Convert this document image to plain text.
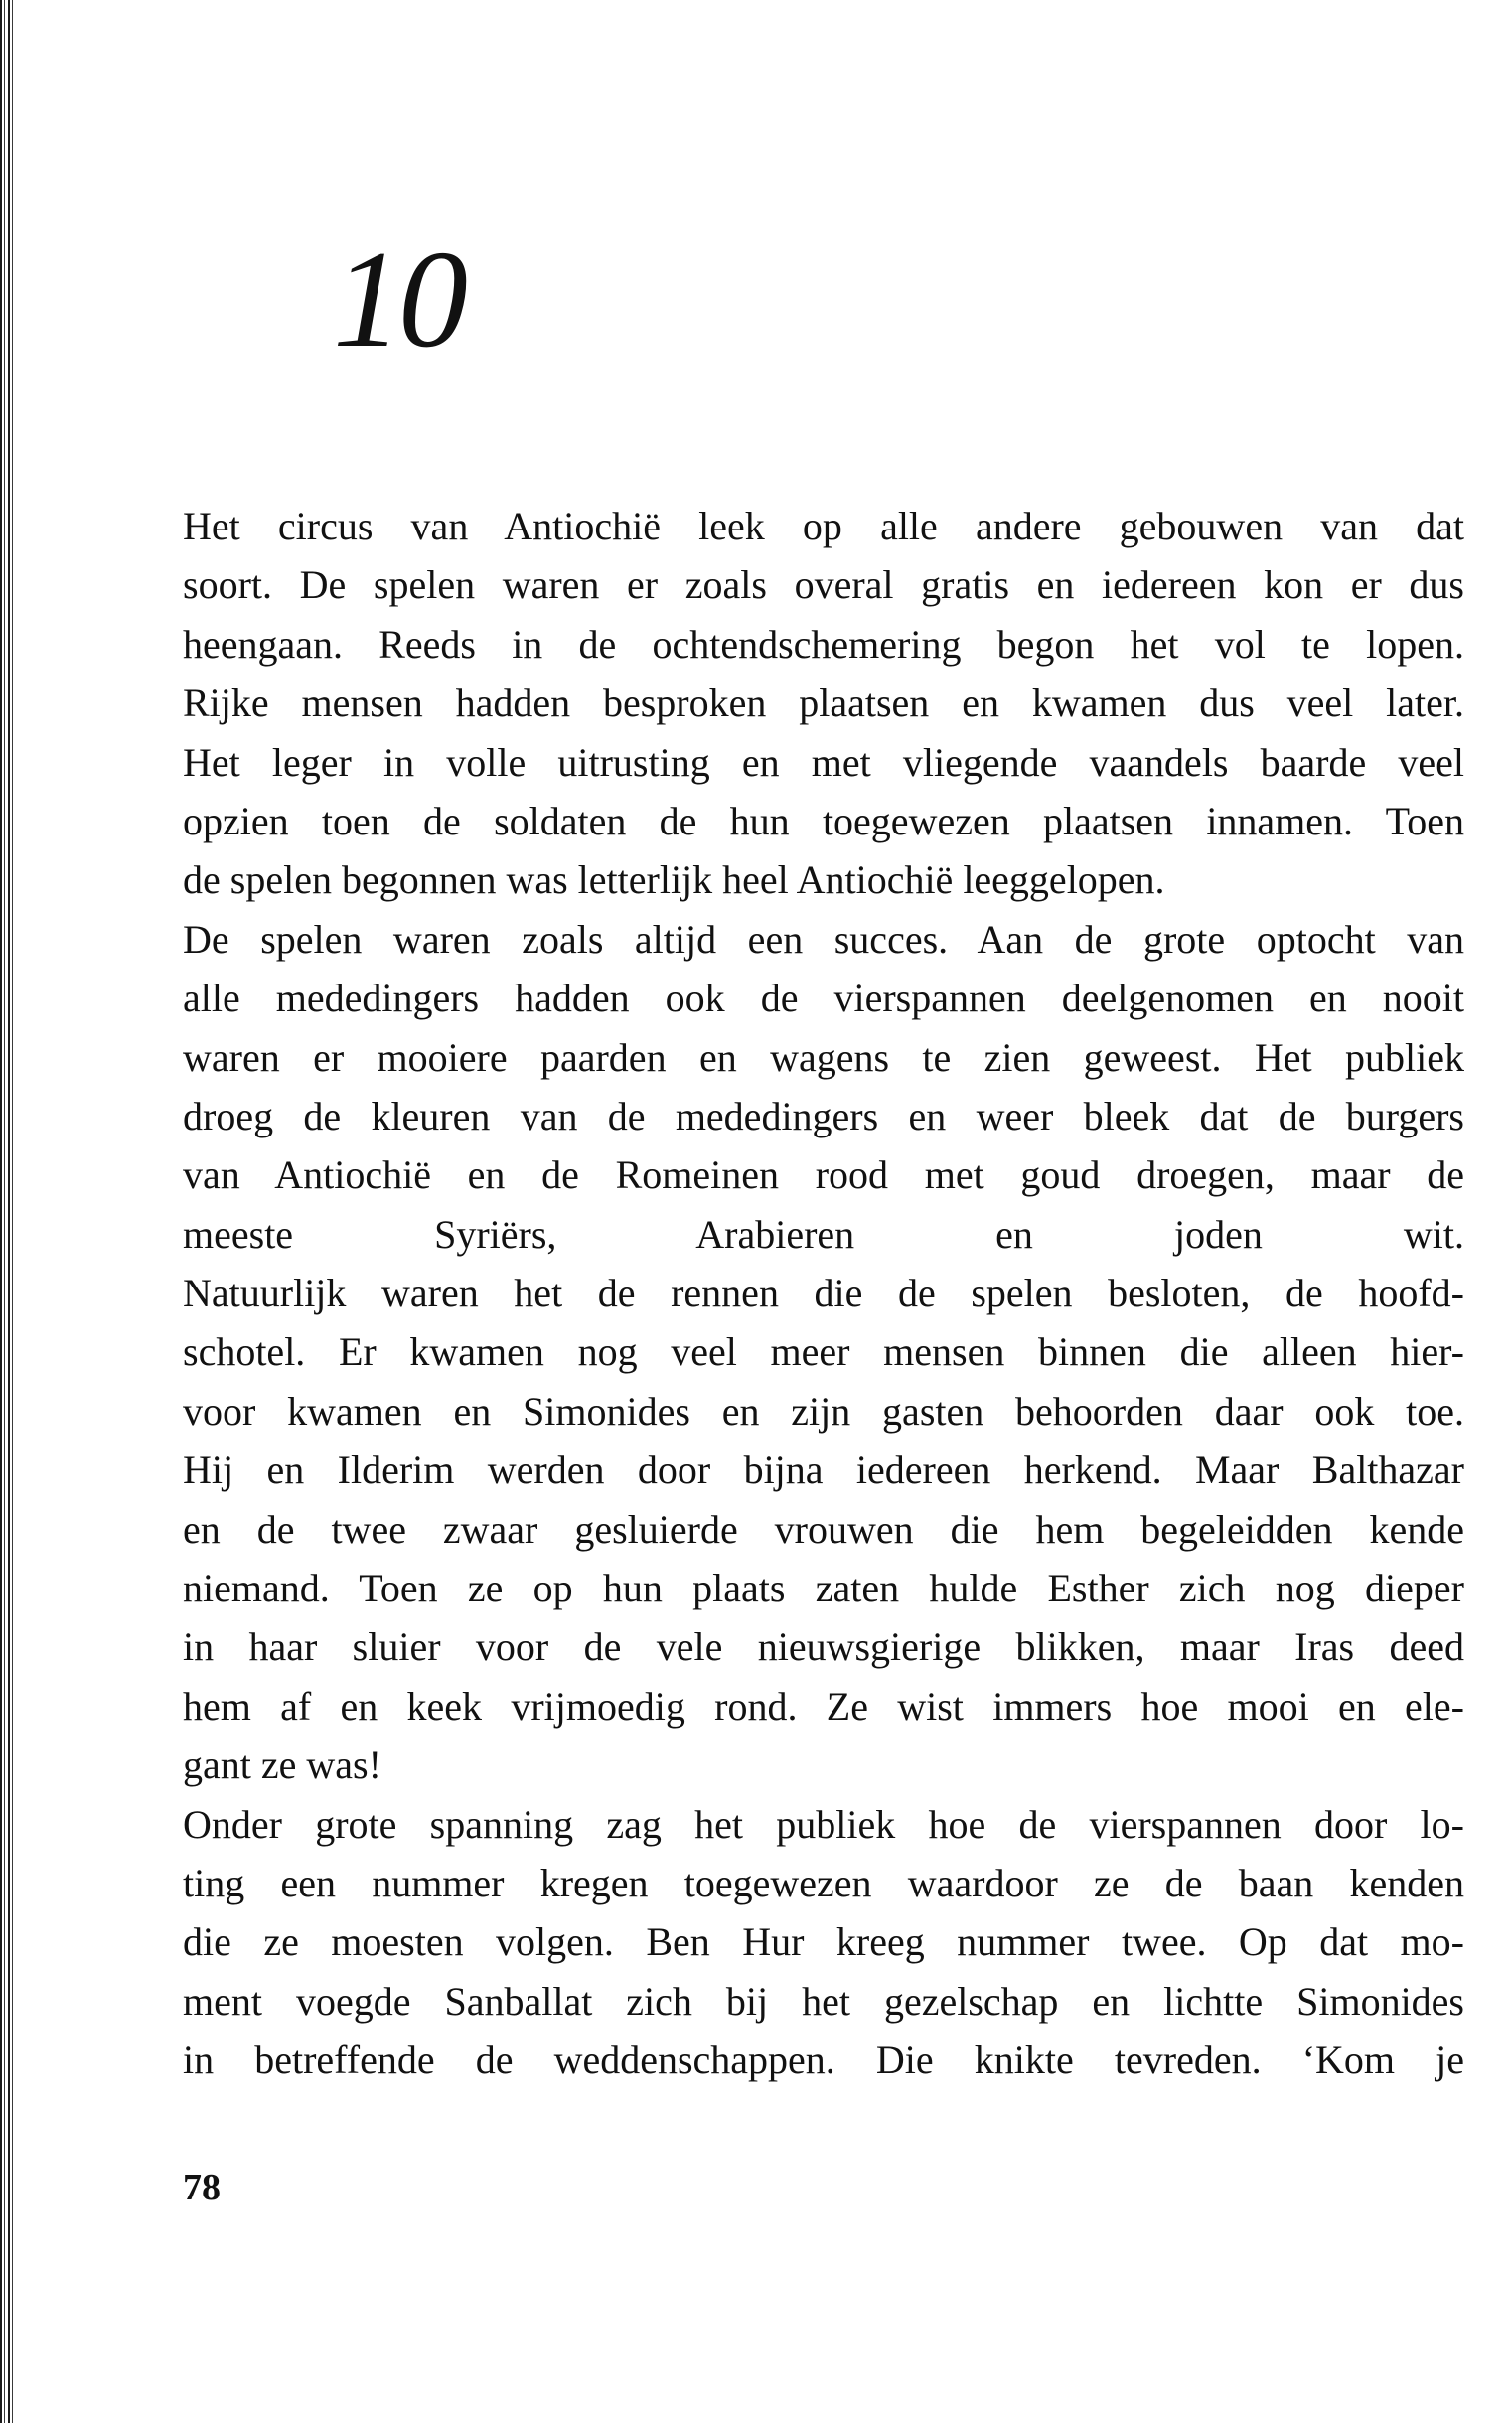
10
Het circus van Antiochië leek op alle andere gebouwen van dat
soort. De spelen waren er zoals overal gratis en iedereen kon er dus
heengaan. Reeds in de ochtendschemering begon het vol te lopen.
Rijke mensen hadden besproken plaatsen en kwamen dus veel later.
Het leger in volle uitrusting en met vliegende vaandels baarde veel
opzien toen de soldaten de hun toegewezen plaatsen innamen. Toen
de spelen begonnen was letterlijk heel Antiochië leeggelopen.
De spelen waren zoals altijd een succes. Aan de grote optocht van
alle mededingers hadden ook de vierspannen deelgenomen en nooit
waren er mooiere paarden en wagens te zien geweest. Het publiek
droeg de kleuren van de mededingers en weer bleek dat de burgers
van Antiochië en de Romeinen rood met goud droegen, maar de
meeste Syriërs, Arabieren en joden wit.
Natuurlijk waren het de rennen die de spelen besloten, de hoofd-
schotel. Er kwamen nog veel meer mensen binnen die alleen hier-
voor kwamen en Simonides en zijn gasten behoorden daar ook toe.
Hij en Ilderim werden door bijna iedereen herkend. Maar Balthazar
en de twee zwaar gesluierde vrouwen die hem begeleidden kende
niemand. Toen ze op hun plaats zaten hulde Esther zich nog dieper
in haar sluier voor de vele nieuwsgierige blikken, maar Iras deed
hem af en keek vrijmoedig rond. Ze wist immers hoe mooi en ele-
gant ze was!
Onder grote spanning zag het publiek hoe de vierspannen door lo-
ting een nummer kregen toegewezen waardoor ze de baan kenden
die ze moesten volgen. Ben Hur kreeg nummer twee. Op dat mo-
ment voegde Sanballat zich bij het gezelschap en lichtte Simonides
in betreffende de weddenschappen. Die knikte tevreden. ‘Kom je
78
